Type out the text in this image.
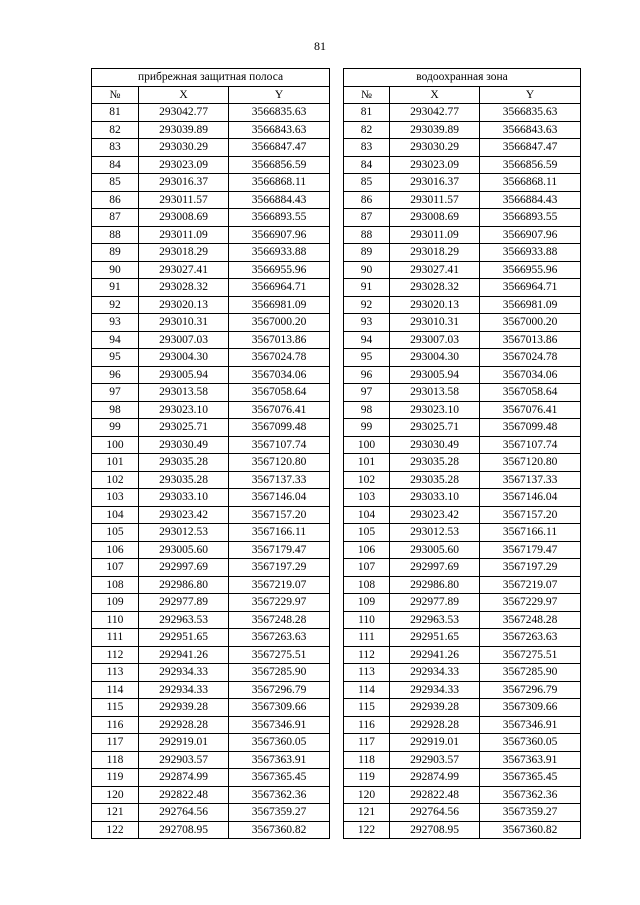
81
прибрежная защитная полоса		
№	X	Y
81	293042.77	3566835.63
82	293039.89	3566843.63
83	293030.29	3566847.47
84	293023.09	3566856.59
85	293016.37	3566868.11
86	293011.57	3566884.43
87	293008.69	3566893.55
88	293011.09	3566907.96
89	293018.29	3566933.88
90	293027.41	3566955.96
91	293028.32	3566964.71
92	293020.13	3566981.09
93	293010.31	3567000.20
94	293007.03	3567013.86
95	293004.30	3567024.78
96	293005.94	3567034.06
97	293013.58	3567058.64
98	293023.10	3567076.41
99	293025.71	3567099.48
100	293030.49	3567107.74
101	293035.28	3567120.80
102	293035.28	3567137.33
103	293033.10	3567146.04
104	293023.42	3567157.20
105	293012.53	3567166.11
106	293005.60	3567179.47
107	292997.69	3567197.29
108	292986.80	3567219.07
109	292977.89	3567229.97
110	292963.53	3567248.28
111	292951.65	3567263.63
112	292941.26	3567275.51
113	292934.33	3567285.90
114	292934.33	3567296.79
115	292939.28	3567309.66
116	292928.28	3567346.91
117	292919.01	3567360.05
118	292903.57	3567363.91
119	292874.99	3567365.45
120	292822.48	3567362.36
121	292764.56	3567359.27
122	292708.95	3567360.82
водоохранная зона		
№	X	Y
81	293042.77	3566835.63
82	293039.89	3566843.63
83	293030.29	3566847.47
84	293023.09	3566856.59
85	293016.37	3566868.11
86	293011.57	3566884.43
87	293008.69	3566893.55
88	293011.09	3566907.96
89	293018.29	3566933.88
90	293027.41	3566955.96
91	293028.32	3566964.71
92	293020.13	3566981.09
93	293010.31	3567000.20
94	293007.03	3567013.86
95	293004.30	3567024.78
96	293005.94	3567034.06
97	293013.58	3567058.64
98	293023.10	3567076.41
99	293025.71	3567099.48
100	293030.49	3567107.74
101	293035.28	3567120.80
102	293035.28	3567137.33
103	293033.10	3567146.04
104	293023.42	3567157.20
105	293012.53	3567166.11
106	293005.60	3567179.47
107	292997.69	3567197.29
108	292986.80	3567219.07
109	292977.89	3567229.97
110	292963.53	3567248.28
111	292951.65	3567263.63
112	292941.26	3567275.51
113	292934.33	3567285.90
114	292934.33	3567296.79
115	292939.28	3567309.66
116	292928.28	3567346.91
117	292919.01	3567360.05
118	292903.57	3567363.91
119	292874.99	3567365.45
120	292822.48	3567362.36
121	292764.56	3567359.27
122	292708.95	3567360.82
